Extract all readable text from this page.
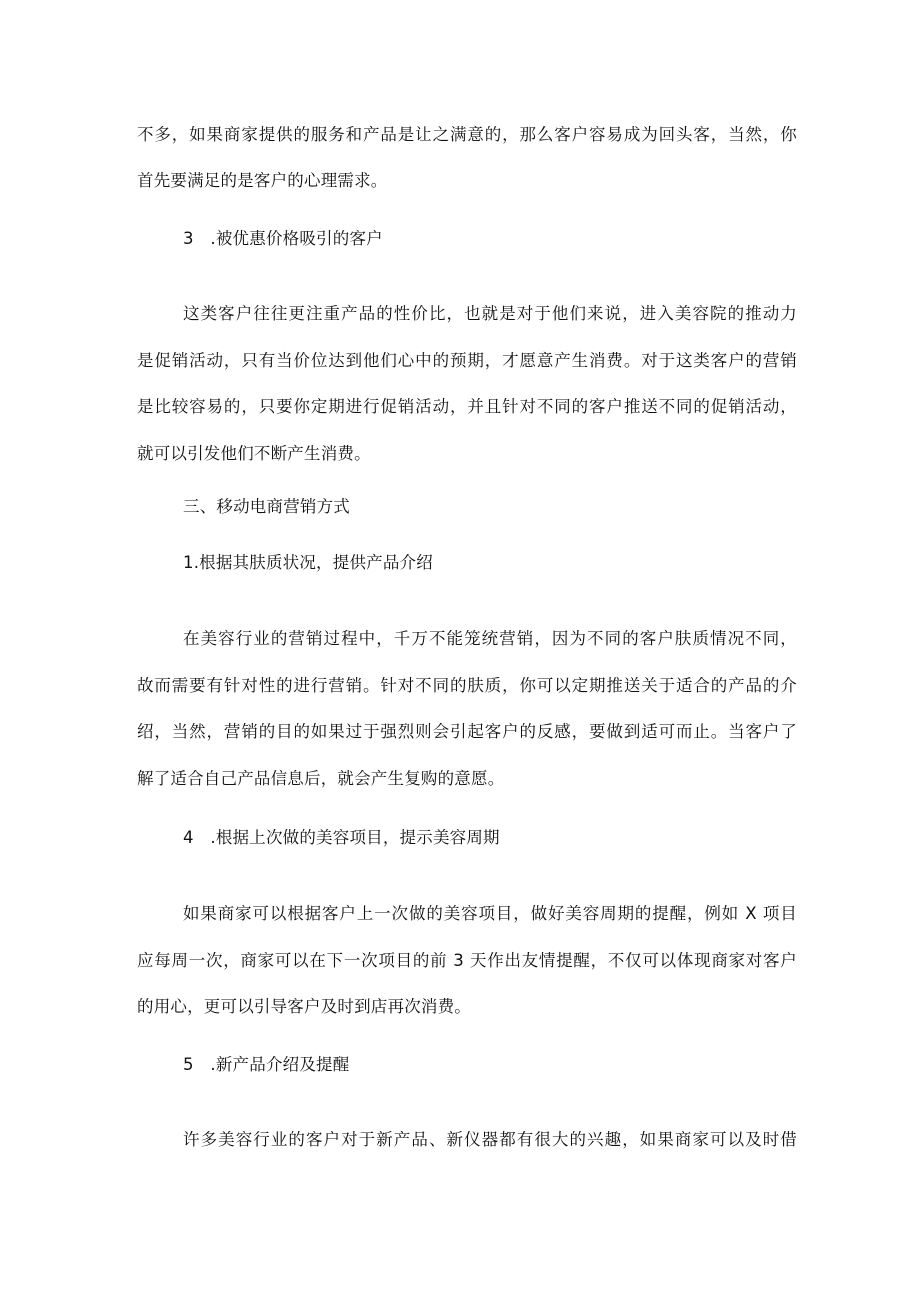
不多，如果商家提供的服务和产品是让之满意的，那么客户容易成为回头客，当然，你
首先要满足的是客户的心理需求。
3　.被优惠价格吸引的客户
这类客户往往更注重产品的性价比，也就是对于他们来说，进入美容院的推动力
是促销活动，只有当价位达到他们心中的预期，才愿意产生消费。对于这类客户的营销
是比较容易的，只要你定期进行促销活动，并且针对不同的客户推送不同的促销活动，
就可以引发他们不断产生消费。
三、移动电商营销方式
1.根据其肤质状况，提供产品介绍
在美容行业的营销过程中，千万不能笼统营销，因为不同的客户肤质情况不同，
故而需要有针对性的进行营销。针对不同的肤质，你可以定期推送关于适合的产品的介
绍，当然，营销的目的如果过于强烈则会引起客户的反感，要做到适可而止。当客户了
解了适合自己产品信息后，就会产生复购的意愿。
4　.根据上次做的美容项目，提示美容周期
如果商家可以根据客户上一次做的美容项目，做好美容周期的提醒，例如 X 项目
应每周一次，商家可以在下一次项目的前 3 天作出友情提醒，不仅可以体现商家对客户
的用心，更可以引导客户及时到店再次消费。
5　.新产品介绍及提醒
许多美容行业的客户对于新产品、新仪器都有很大的兴趣，如果商家可以及时借
